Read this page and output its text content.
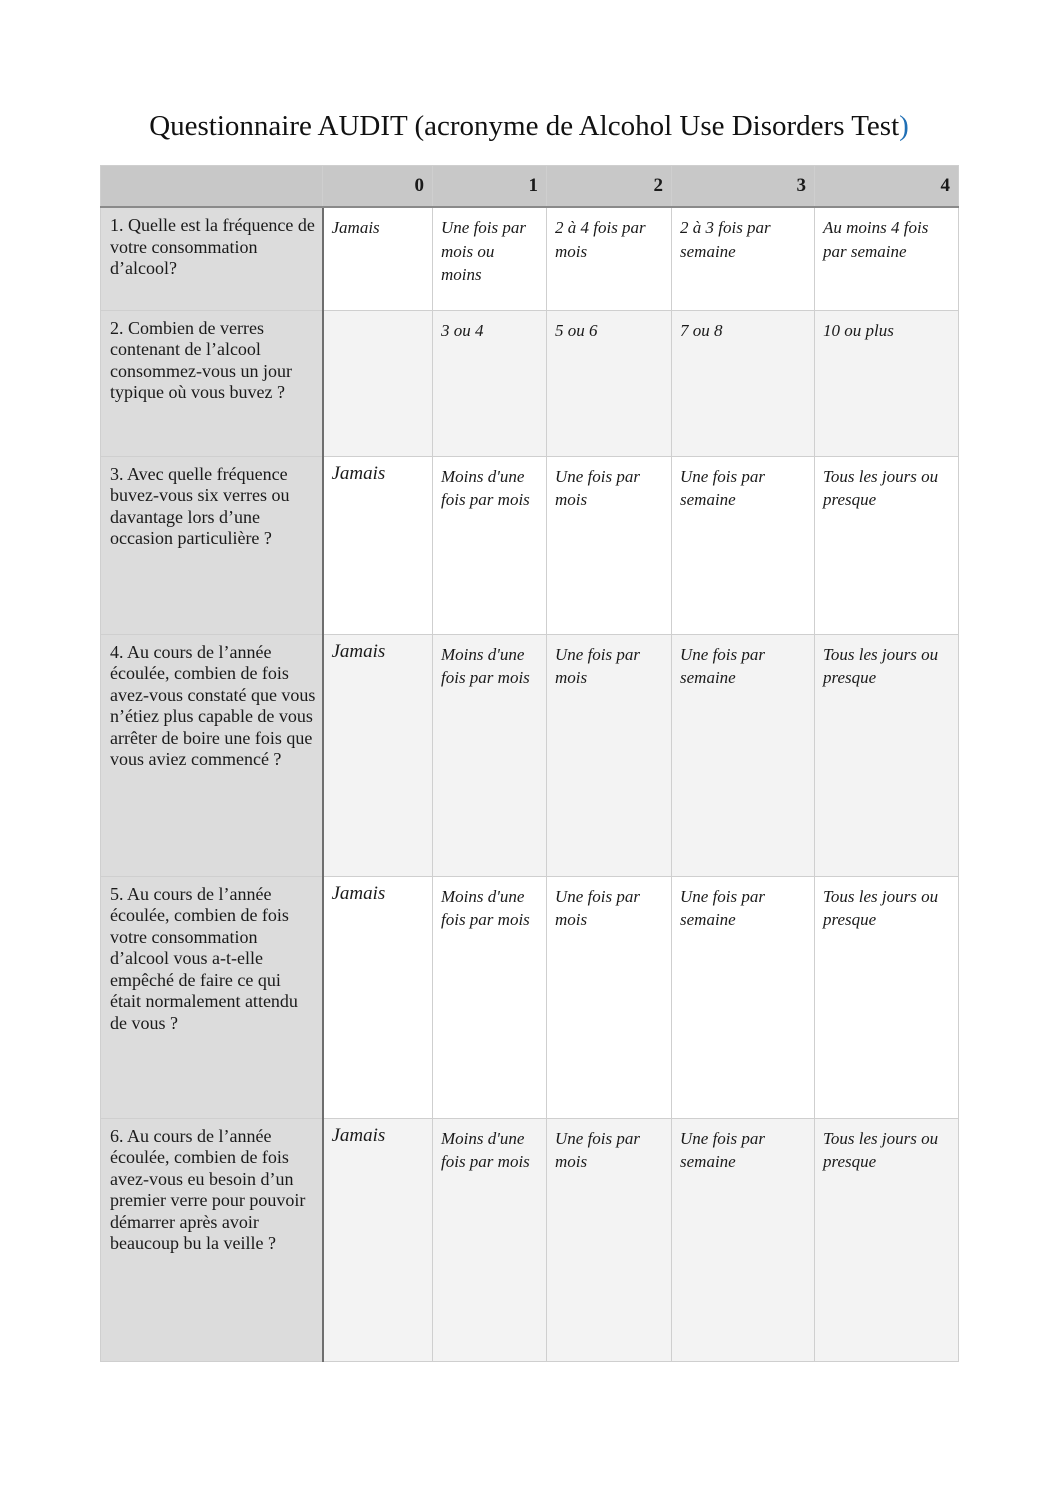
Questionnaire AUDIT (acronyme de Alcohol Use Disorders Test)
	0	1	2	3	4
1. Quelle est la fréquence de votre consommation d’alcool?	Jamais	Une fois par mois ou moins	2 à 4 fois par mois	2 à 3 fois par semaine	Au moins 4 fois par semaine
2. Combien de verres contenant de l’alcool consommez-vous un jour typique où vous buvez ?		3 ou 4	5 ou 6	7 ou 8	10 ou plus
3. Avec quelle fréquence buvez-vous six verres ou davantage lors d’une occasion particulière ?	Jamais	Moins d'une fois par mois	Une fois par mois	Une fois par semaine	Tous les jours ou presque
4. Au cours de l’année écoulée, combien de fois avez-vous constaté que vous n’étiez plus capable de vous arrêter de boire une fois que vous aviez commencé ?	Jamais	Moins d'une fois par mois	Une fois par mois	Une fois par semaine	Tous les jours ou presque
5. Au cours de l’année écoulée, combien de fois votre consommation d’alcool vous a-t-elle empêché de faire ce qui était normalement attendu de vous ?	Jamais	Moins d'une fois par mois	Une fois par mois	Une fois par semaine	Tous les jours ou presque
6. Au cours de l’année écoulée, combien de fois avez-vous eu besoin d’un premier verre pour pouvoir démarrer après avoir beaucoup bu la veille ?	Jamais	Moins d'une fois par mois	Une fois par mois	Une fois par semaine	Tous les jours ou presque
